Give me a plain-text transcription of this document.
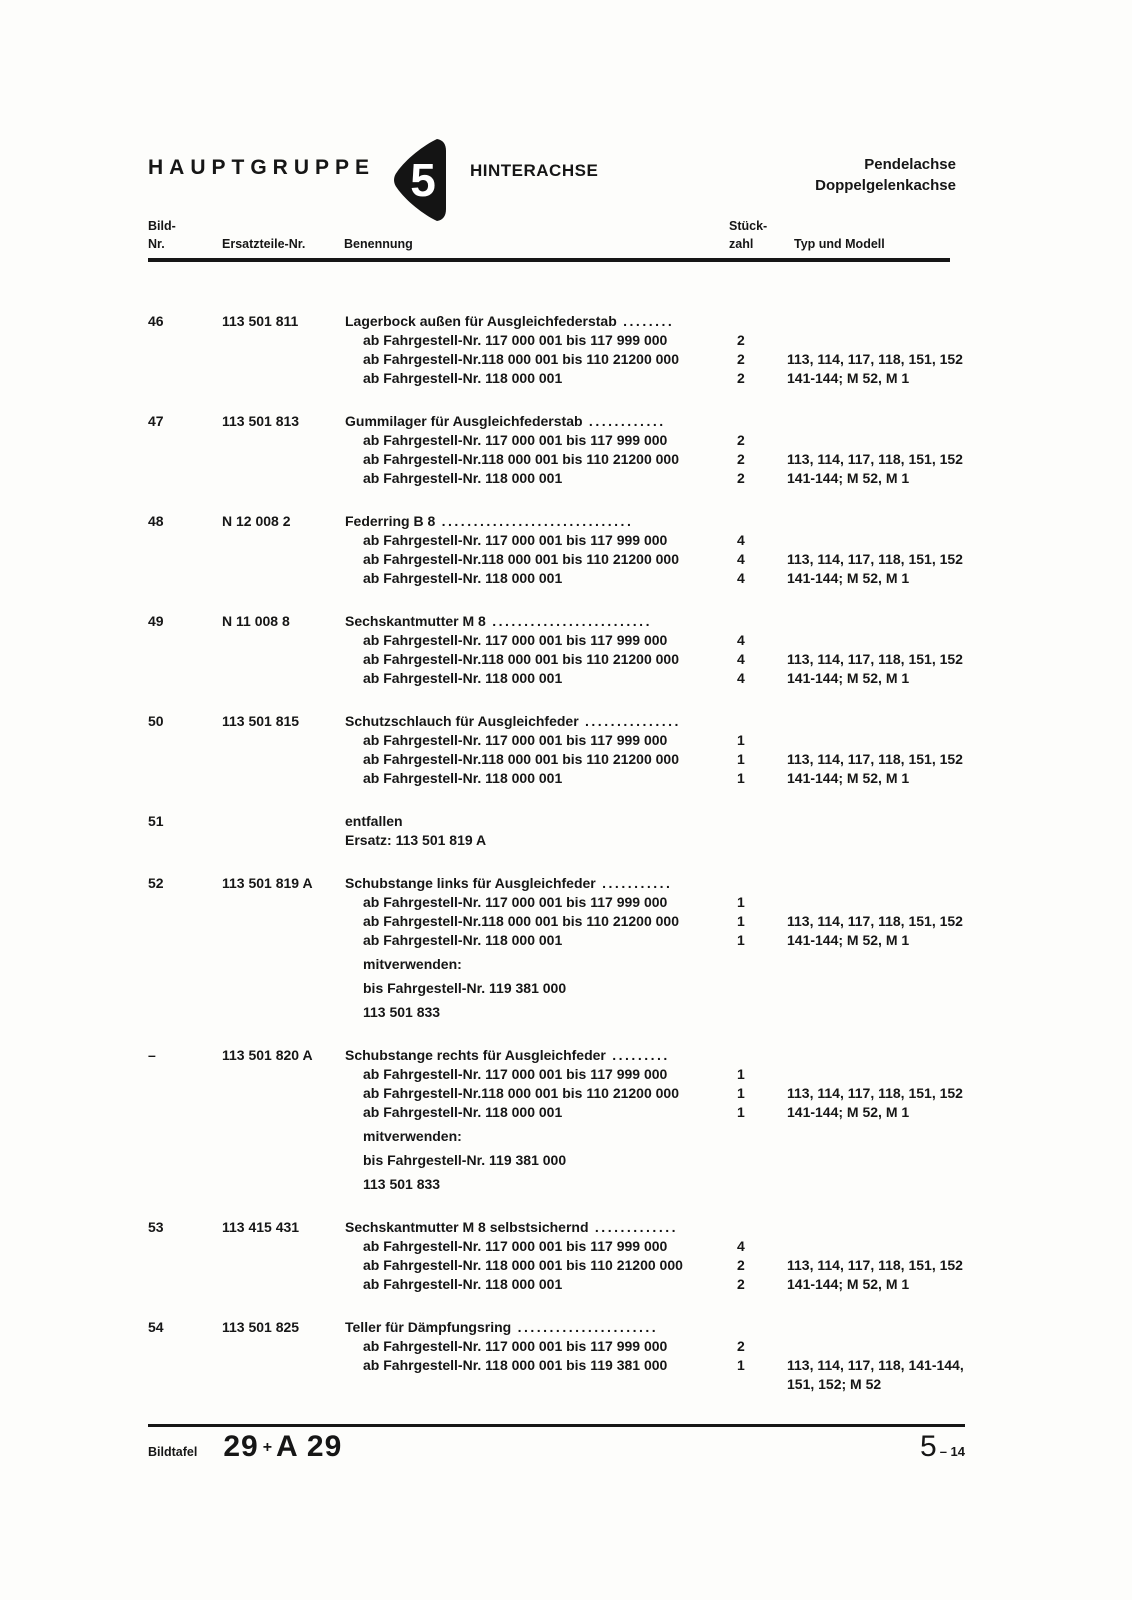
HAUPTGRUPPE 5 HINTERACHSE	Pendelachse
Doppelgelenkachse
Bild-
Nr.	Ersatzteile-Nr.	Benennung
Stück-
zahl	Typ und Modell
46	113 501 811	Lagerbock außen für Ausgleichfederstab ........
ab Fahrgestell-Nr. 117 000 001 bis 117 999 000	2
ab Fahrgestell-Nr.118 000 001 bis 110 21200 000	2	113, 114, 117, 118, 151, 152
ab Fahrgestell-Nr. 118 000 001	2	141-144; M 52, M 1
47	113 501 813	Gummilager für Ausgleichfederstab ............
ab Fahrgestell-Nr. 117 000 001 bis 117 999 000	2
ab Fahrgestell-Nr.118 000 001 bis 110 21200 000	2	113, 114, 117, 118, 151, 152
ab Fahrgestell-Nr. 118 000 001	2	141-144; M 52, M 1
48	N 12 008 2	Federring B 8 ..............................
ab Fahrgestell-Nr. 117 000 001 bis 117 999 000	4
ab Fahrgestell-Nr.118 000 001 bis 110 21200 000	4	113, 114, 117, 118, 151, 152
ab Fahrgestell-Nr. 118 000 001	4	141-144; M 52, M 1
49	N 11 008 8	Sechskantmutter M 8 .........................
ab Fahrgestell-Nr. 117 000 001 bis 117 999 000	4
ab Fahrgestell-Nr.118 000 001 bis 110 21200 000	4	113, 114, 117, 118, 151, 152
ab Fahrgestell-Nr. 118 000 001	4	141-144; M 52, M 1
50	113 501 815	Schutzschlauch für Ausgleichfeder ...............
ab Fahrgestell-Nr. 117 000 001 bis 117 999 000	1
ab Fahrgestell-Nr.118 000 001 bis 110 21200 000	1	113, 114, 117, 118, 151, 152
ab Fahrgestell-Nr. 118 000 001	1	141-144; M 52, M 1
51	entfallen
Ersatz: 113 501 819 A
52	113 501 819 A	Schubstange links für Ausgleichfeder ...........
ab Fahrgestell-Nr. 117 000 001 bis 117 999 000	1
ab Fahrgestell-Nr.118 000 001 bis 110 21200 000	1	113, 114, 117, 118, 151, 152
ab Fahrgestell-Nr. 118 000 001	1	141-144; M 52, M 1
mitverwenden:
bis Fahrgestell-Nr. 119 381 000
113 501 833
–	113 501 820 A	Schubstange rechts für Ausgleichfeder .........
ab Fahrgestell-Nr. 117 000 001 bis 117 999 000	1
ab Fahrgestell-Nr.118 000 001 bis 110 21200 000	1	113, 114, 117, 118, 151, 152
ab Fahrgestell-Nr. 118 000 001	1	141-144; M 52, M 1
mitverwenden:
bis Fahrgestell-Nr. 119 381 000
113 501 833
53	113 415 431	Sechskantmutter M 8 selbstsichernd .............
ab Fahrgestell-Nr. 117 000 001 bis 117 999 000	4
ab Fahrgestell-Nr. 118 000 001 bis 110 21200 000	2	113, 114, 117, 118, 151, 152
ab Fahrgestell-Nr. 118 000 001	2	141-144; M 52, M 1
54	113 501 825	Teller für Dämpfungsring ......................
ab Fahrgestell-Nr. 117 000 001 bis 117 999 000	2
ab Fahrgestell-Nr. 118 000 001 bis 119 381 000	1	113, 114, 117, 118, 141-144,
151, 152; M 52
Bildtafel 29 + A 29	5 – 14
